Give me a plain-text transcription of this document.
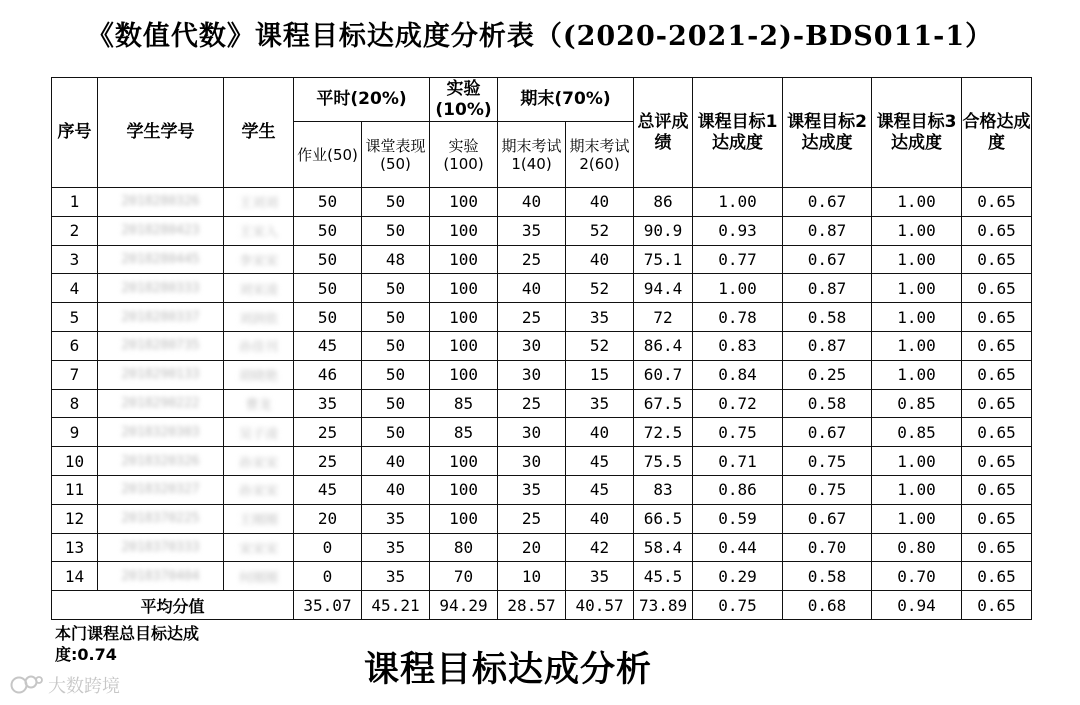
《数值代数》课程目标达成度分析表（(2020-2021-2)-BDS011-1）
序号	学生学号	学生	平时(20%)		实验(10%)	期末(70%)		总评成绩	课程目标1达成度	课程目标2达成度	课程目标3达成度	合格达成度
			作业(50)	课堂表现(50)	实验(100)	期末考试1(40)	期末考试2(60)					
1	2018280326	王刘刘	50	50	100	40	40	86	1.00	0.67	1.00	0.65
2	2018280423	王宋入	50	50	100	35	52	90.9	0.93	0.87	1.00	0.65
3	2018280445	李宋宋	50	48	100	25	40	75.1	0.77	0.67	1.00	0.65
4	2018280333	刘宋凌	50	50	100	40	52	94.4	1.00	0.87	1.00	0.65
5	2018280337	刘润依	50	50	100	25	35	72	0.78	0.58	1.00	0.65
6	2018280735	孙佳刊	45	50	100	30	52	86.4	0.83	0.87	1.00	0.65
7	2018290133	胡晓艳	46	50	100	30	15	60.7	0.84	0.25	1.00	0.65
8	2018290222	曹龙	35	50	85	25	35	67.5	0.72	0.58	0.85	0.65
9	2018320303	吴子凌	25	50	85	30	40	72.5	0.75	0.67	0.85	0.65
10	2018320326	孙宋宋	25	40	100	30	45	75.5	0.71	0.75	1.00	0.65
11	2018320327	孙宋宋	45	40	100	35	45	83	0.86	0.75	1.00	0.65
12	2018370225	王刚刚	20	35	100	25	40	66.5	0.59	0.67	1.00	0.65
13	2018370333	宋宋宋	0	35	80	20	42	58.4	0.44	0.70	0.80	0.65
14	2018370404	何刚刚	0	35	70	10	35	45.5	0.29	0.58	0.70	0.65
平均分值			35.07	45.21	94.29	28.57	40.57	73.89	0.75	0.68	0.94	0.65
本门课程总目标达成度:0.74	课程目标达成分析
大数跨境
